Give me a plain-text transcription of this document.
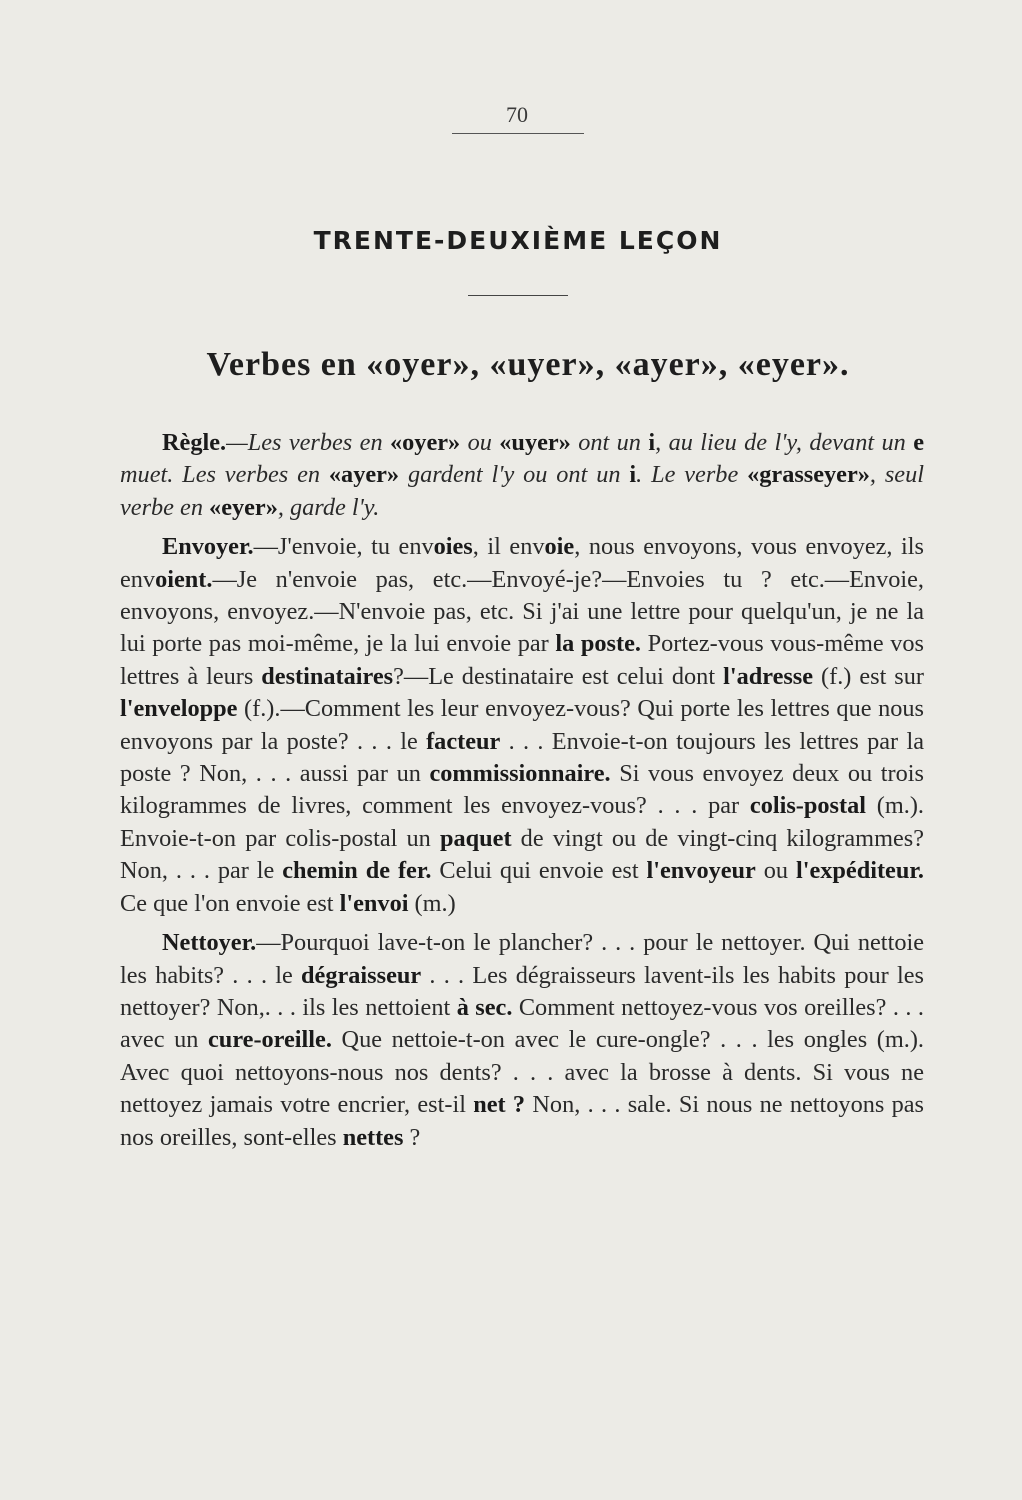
70
TRENTE-DEUXIÈME LEÇON
Verbes en «oyer», «uyer», «ayer», «eyer».

Règle.—Les verbes en «oyer» ou «uyer» ont un i, au lieu de l'y, devant un e muet. Les verbes en «ayer» gardent l'y ou ont un i. Le verbe «grasseyer», seul verbe en «eyer», garde l'y.

Envoyer.—J'envoie, tu envoies, il envoie, nous envoyons, vous envoyez, ils envoient.—Je n'envoie pas, etc.—Envoyé-je?—Envoies tu ? etc.—Envoie, envoyons, envoyez.—N'envoie pas, etc. Si j'ai une lettre pour quelqu'un, je ne la lui porte pas moi-même, je la lui envoie par la poste. Portez-vous vous-même vos lettres à leurs destinataires?—Le destinataire est celui dont l'adresse (f.) est sur l'enveloppe (f.).—Comment les leur envoyez-vous? Qui porte les lettres que nous envoyons par la poste? . . . le facteur . . . Envoie-t-on toujours les lettres par la poste ? Non, . . . aussi par un commissionnaire. Si vous envoyez deux ou trois kilogrammes de livres, comment les envoyez-vous? . . . par colis-postal (m.). Envoie-t-on par colis-postal un paquet de vingt ou de vingt-cinq kilogrammes? Non, . . . par le chemin de fer. Celui qui envoie est l'envoyeur ou l'expéditeur. Ce que l'on envoie est l'envoi (m.)

Nettoyer.—Pourquoi lave-t-on le plancher? . . . pour le nettoyer. Qui nettoie les habits? . . . le dégraisseur . . . Les dégraisseurs lavent-ils les habits pour les nettoyer? Non,. . . ils les nettoient à sec. Comment nettoyez-vous vos oreilles? . . . avec un cure-oreille. Que nettoie-t-on avec le cure-ongle? . . . les ongles (m.). Avec quoi nettoyons-nous nos dents? . . . avec la brosse à dents. Si vous ne nettoyez jamais votre encrier, est-il net ? Non, . . . sale. Si nous ne nettoyons pas nos oreilles, sont-elles nettes ?
